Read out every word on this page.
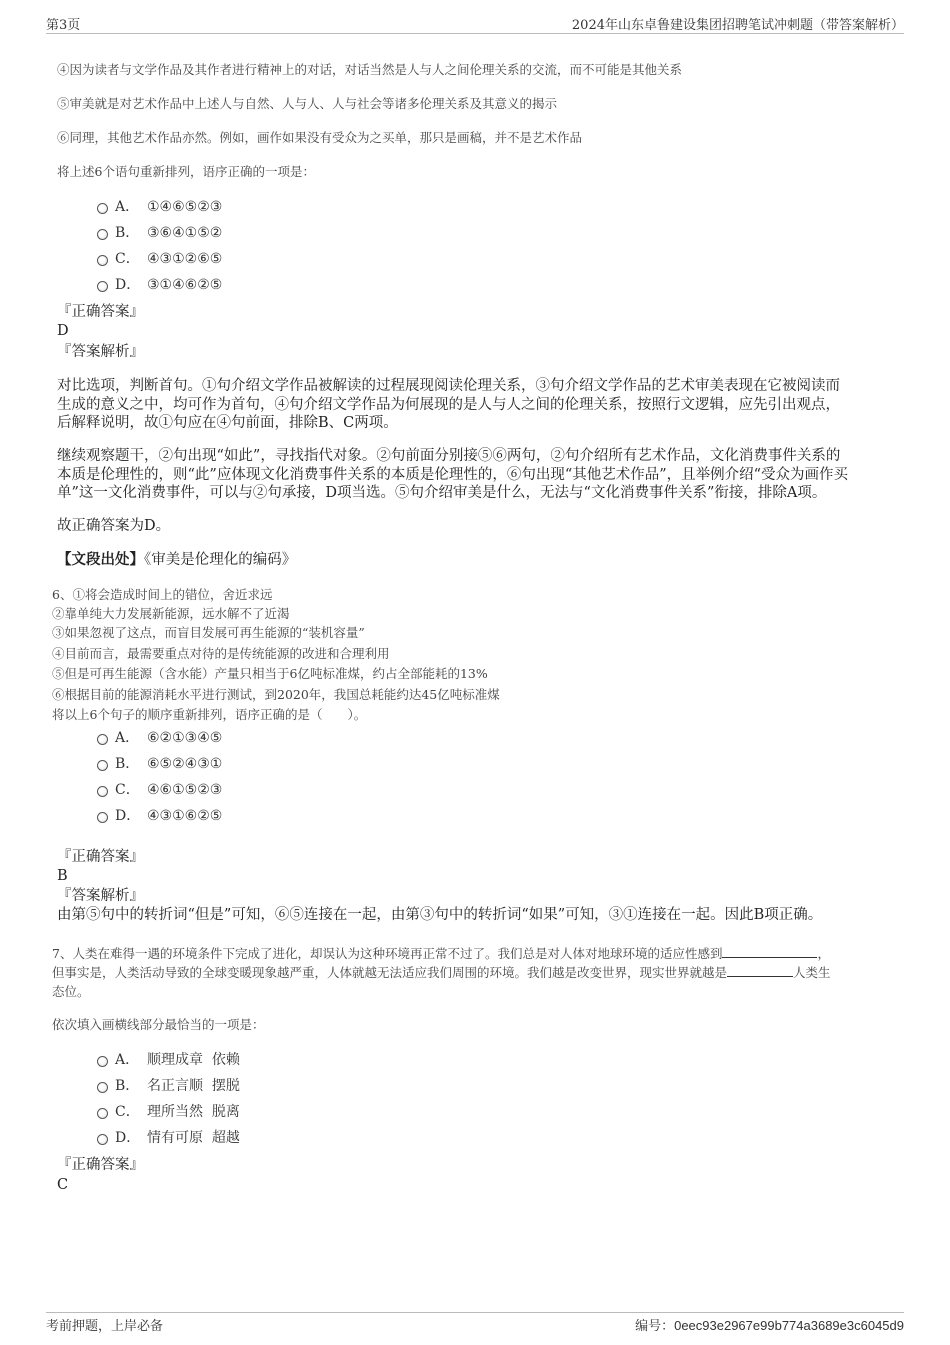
第3页	2024年山东卓鲁建设集团招聘笔试冲刺题（带答案解析）
④因为读者与文学作品及其作者进行精神上的对话，对话当然是人与人之间伦理关系的交流，而不可能是其他关系
⑤审美就是对艺术作品中上述人与自然、人与人、人与社会等诸多伦理关系及其意义的揭示
⑥同理，其他艺术作品亦然。例如，画作如果没有受众为之买单，那只是画稿，并不是艺术作品
将上述6个语句重新排列，语序正确的一项是：
A． ①④⑥⑤②③
B． ③⑥④①⑤②
C． ④③①②⑥⑤
D． ③①④⑥②⑤
『正确答案』
D
『答案解析』
对比选项，判断首句。①句介绍文学作品被解读的过程展现阅读伦理关系，③句介绍文学作品的艺术审美表现在它被阅读而
生成的意义之中，均可作为首句，④句介绍文学作品为何展现的是人与人之间的伦理关系，按照行文逻辑，应先引出观点，
后解释说明，故①句应在④句前面，排除B、C两项。
继续观察题干，②句出现“如此”，寻找指代对象。②句前面分别接⑤⑥两句，②句介绍所有艺术作品，文化消费事件关系的
本质是伦理性的，则“此”应体现文化消费事件关系的本质是伦理性的，⑥句出现“其他艺术作品”，且举例介绍“受众为画作买
单”这一文化消费事件，可以与②句承接，D项当选。⑤句介绍审美是什么，无法与“文化消费事件关系”衔接，排除A项。
故正确答案为D。
【文段出处】《审美是伦理化的编码》
6、①将会造成时间上的错位，舍近求远
②靠单纯大力发展新能源，远水解不了近渴
③如果忽视了这点，而盲目发展可再生能源的“装机容量”
④目前而言，最需要重点对待的是传统能源的改进和合理利用
⑤但是可再生能源（含水能）产量只相当于6亿吨标准煤，约占全部能耗的13%
⑥根据目前的能源消耗水平进行测试，到2020年，我国总耗能约达45亿吨标准煤
将以上6个句子的顺序重新排列，语序正确的是（　　）。
A． ⑥②①③④⑤
B． ⑥⑤②④③①
C． ④⑥①⑤②③
D． ④③①⑥②⑤
『正确答案』
B
『答案解析』
由第⑤句中的转折词“但是”可知，⑥⑤连接在一起，由第③句中的转折词“如果”可知，③①连接在一起。因此B项正确。
7、人类在难得一遇的环境条件下完成了进化，却误认为这种环境再正常不过了。我们总是对人体对地球环境的适应性感到	，
但事实是，人类活动导致的全球变暖现象越严重，人体就越无法适应我们周围的环境。我们越是改变世界，现实世界就越是	人类生
态位。
依次填入画横线部分最恰当的一项是：
A． 顺理成章  依赖
B． 名正言顺  摆脱
C． 理所当然  脱离
D． 情有可原  超越
『正确答案』
C
考前押题，上岸必备	编号：0eec93e2967e99b774a3689e3c6045d9
